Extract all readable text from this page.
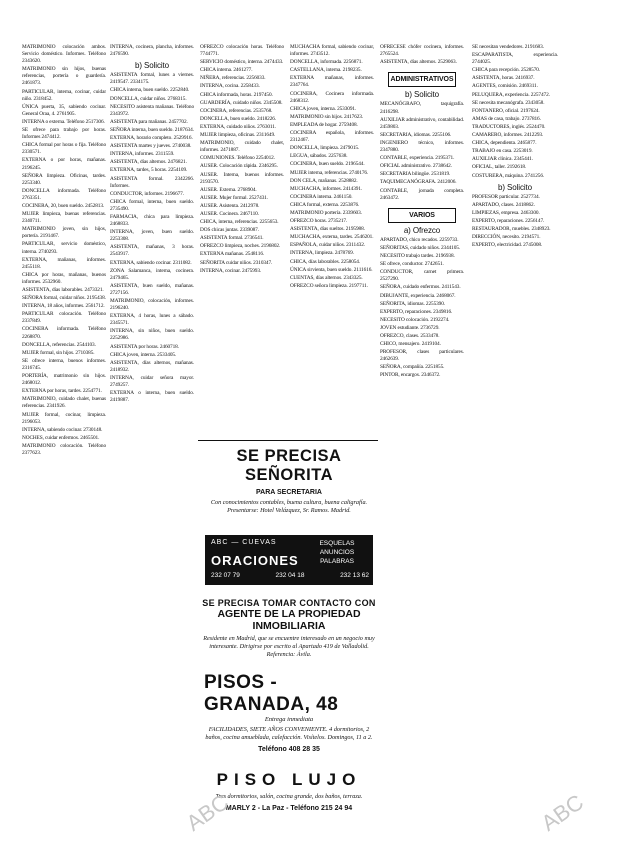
MATRIMONIO colocación ambos. Servicio doméstico. Informes. Teléfono 2343620.

MATRIMONIO sin hijos, buenas referencias, portería o guardería. 2461873.

PARTICULAR, interna, cocinar, cuidar niño. 2318452.

ÚNICA puerta, 35, sabiendo cocinar. General Oraa, 4. 2761905.

INTERNA o externa. Teléfono 2517306.

SE ofrece para trabajo por horas. Informes 2474412.

CHICA formal por horas o fija. Teléfono 2330571.

EXTERNA o por horas, mañanas. 2196245.

SEÑORA limpieza. Oficinas, tardes. 2253340.

DONCELLA informada. Teléfono 2763351.

COCINERA, 20, buen sueldo. 2452813.

MUJER limpieza, buenas referencias. 2340711.

MATRIMONIO joven, sin hijos, portería. 2191467.

PARTICULAR, servicio doméstico, interna. 2740293.

EXTERNA, mañanas, informes. 2455118.

CHICA por horas, mañanas, buenos informes. 2532960.

ASISTENTA, días laborables. 2473321.

SEÑORA formal, cuidar niños. 2195438.

INTERNA, 18 años, informes. 2561712.

PARTICULAR colocación. Teléfono 2337849.

COCINERA informada. Teléfono 2268870.

DONCELLA, referencias. 2544103.

MUJER formal, sin hijos. 2710385.

SE ofrece interna, buenos informes. 2316745.

PORTERÍA, matrimonio sin hijos. 2468012.

EXTERNA por horas, tardes. 2254771.

MATRIMONIO, cuidado chalet, buenas referencias. 2341926.

MUJER formal, cocinar, limpieza. 2196053.

INTERNA, sabiendo cocinar. 2730148.

NOCHES, cuidar enfermos. 2465501.

MATRIMONIO colocación. Teléfono 2377623.

INTERNA, cocinera, plancha, informes. 2476590.

b) Solicito

ASISTENTA formal, lunes a viernes. 2419547. 2334175.

CHICA interna, buen sueldo. 2252840.

DONCELLA, cuidar niños. 2768315.

NECESITO asistenta mañanas. Teléfono 2343972.

ASISTENTA para mañanas. 2457702.

SEÑORA interna, buen sueldo. 2187634.

EXTERNA, horario completo. 2529916.

ASISTENTA martes y jueves. 2740038.

INTERNA, informes. 2311559.

ASISTENTA, días alternos. 2476821.

EXTERNA, tardes, 5 horas. 2254109.

ASISTENTA formal. 2342266. Informes.

CONDUCTOR, informes. 2196677.

CHICA formal, interna, buen sueldo. 2735490.

FARMACIA, chica para limpieza. 2468833.

INTERNA, joven, buen sueldo. 2253308.

ASISTENTA, mañanas, 3 horas. 2543917.

EXTERNA, sabiendo cocinar. 2311082.

ZONA Salamanca, interna, cocinera. 2479465.

ASISTENTA, buen sueldo, mañanas. 2727156.

MATRIMONIO, colocación, informes. 2196240.

EXTERNA, 4 horas, lunes a sábado. 2345571.

INTERNA, sin niños, buen sueldo. 2252986.

ASISTENTA por horas. 2460718.

CHICA joven, interna. 2533405.

ASISTENTA, días alternos, mañanas. 2418932.

INTERNA, cuidar señora mayor. 2749257.

EXTERNA o interna, buen sueldo. 2419887.

OFREZCO colocación horas. Teléfono 7744771.

SERVICIO doméstico, interna. 2474433.

CHICA interna. 2461277.

NIÑERA, referencias. 2256033.

INTERNA, cocina. 2258433.

CHICA informada, horas. 2197450.

GUARDERÍA, cuidado niños. 2345508.

COCINERA, referencias. 2535768.

DONCELLA, buen sueldo. 2418226.

EXTERNA, cuidado niños. 2763011.

MUJER limpieza, oficinas. 2311649.

MATRIMONIO, cuidado chalet, informes. 2471887.

COMUNIONES. Teléfono 2254012.

AUSER. Colocación rápida. 2346295.

AUSER. Interna, buenos informes. 2193570.

AUSER. Externa. 2768904.

AUSER. Mujer formal. 2527431.

AUSER. Asistenta. 2412978.

AUSER. Cocinera. 2467110.

CHICA, interna, referencias. 2255653.

DOS chicas juntas. 2339087.

ASISTENTA formal. 2736541.

OFREZCO limpieza, noches. 2196802.

EXTERNA mañanas. 2548116.

SEÑORITA cuidar niños. 2310347.

INTERNA, cocinar. 2475993.

MUCHACHA formal, sabiendo cocinar, informes. 2743512.

DONCELLA, informada. 2256871.

CASTELLANA, interna. 2198235.

EXTERNA mañanas, informes. 2347764.

COCINERA, Cocinera informada. 2468312.

CHICA joven, interna. 2533091.

MATRIMONIO sin hijos. 2417623.

EMPLEADA de hogar. 2759408.

COCINERA española, informes. 2312467.

DONCELLA, limpieza. 2479015.

LEGUA, sábados. 2257638.

COCINERA, buen sueldo. 2196544.

MUJER interna, referencias. 2740176.

DON CELA, mañanas. 2528882.

MUCHACHA, informes. 2414391.

COCINERA interna. 2461150.

CHICA formal, externa. 2253876.

MATRIMONIO portería. 2339603.

OFREZCO horas. 2735217.

ASISTENTA, días sueltos. 2195988.

MUCHACHA, externa, tardes. 2546201.

ESPAÑOLA, cuidar niños. 2311432.

INTERNA, limpieza. 2478769.

CHICA, días laborables. 2258054.

ÚNICA sirvienta, buen sueldo. 2111616.

CUENTAS, días alternos. 2343325.

OFREZCO señora limpieza. 2197711.

OFRECESE chófer cocinera, informes. 2765524.

ASISTENTA, días alternos. 2529063.

ADMINISTRATIVOS
b) Solicito

MECANÓGRAFO, taquigrafía. 2416298.

AUXILIAR administrativo, contabilidad. 2459803.

SECRETARIA, idiomas. 2255106.

INGENIERO técnico, informes. 2347880.

CONTABLE, experiencia. 2195371.

OFICIAL administrativo. 2738642.

SECRETARIA bilingüe. 2531819.

TAQUIMECANÓGRAFA. 2412006.

CONTABLE, jornada completa. 2463472.

VARIOS
a) Ofrezco

APARTADO, chico recados. 2259733.

SEÑORITAS, cuidado niños. 2344105.

NECESITO trabajo tardes. 2196938.

SE ofrece, conductor. 2742651.

CONDUCTOR, carnet primera. 2527290.

SEÑORA, cuidado enfermos. 2411543.

DIBUJANTE, experiencia. 2468067.

SEÑORITA, idiomas. 2255390.

EXPERTO, reparaciones. 2349816.

NECESITO colocación. 2192274.

JOVEN estudiante. 2736729.

OFREZCO, clases. 2533478.

CHICO, mensajero. 2419104.

PROFESOR, clases particulares. 2462639.

SEÑORA, compañía. 2251855.

PINTOR, encargos. 2346372.

SE necesitan vendedores. 2191683.

ESCAPARATISTA, experiencia. 2744025.

CHICA para recepción. 2528570.

ASISTENTA, horas. 2416937.

AGENTES, comisión. 2469311.

PELUQUERA, experiencia. 2257472.

SE necesita mecanógrafa. 2343058.

FONTANERO, oficial. 2197624.

AMAS de casa, trabajo. 2737816.

TRADUCTORES, inglés. 2524470.

CAMARERO, informes. 2412293.

CHICA, dependienta. 2465877.

TRABAJO en casa. 2253019.

AUXILIAR clínica. 2345441.

OFICIAL, taller. 2192618.

COSTURERA, máquina. 2741256.

b) Solicito

PROFESOR particular. 2527734.

APARTADO, clases. 2418862.

LIMPIEZAS, empresa. 2463300.

EXPERTO, reparaciones. 2256147.

RESTAURADOR, muebles. 2348923.

DIRECCIÓN, necesito. 2194571.

EXPERTO, electricidad. 2745008.

SE PRECISA SEÑORITA
PARA SECRETARIA
Con conocimientos contables, buena cultura, buena caligrafía. Presentarse: Hotel Velázquez, Sr. Ramos. Madrid.
ABC — CUEVAS
ORACIONES
ESQUELAS ANUNCIOS PALABRAS
232 07 79	232 04 18	232 13 62
SE PRECISA TOMAR CONTACTO CON
AGENTE DE LA PROPIEDAD
INMOBILIARIA
Residente en Madrid, que se encuentre interesado en un negocio muy interesante. Dirigirse por escrito al Apartado 419 de Valladolid. Referencia: Ávila.
PISOS - GRANADA, 48
Entrega inmediata
FACILIDADES, SIETE AÑOS CONVENIENTE. 4 dormitorios, 2 baños, cocina amueblada, calefacción. Visítelos. Domingos, 11 a 2.
Teléfono 408 28 35
PISO LUJO
Tres dormitorios, salón, cocina grande, dos baños, terraza.
MARLY 2 - La Paz - Teléfono 215 24 94	ABC
ABC
